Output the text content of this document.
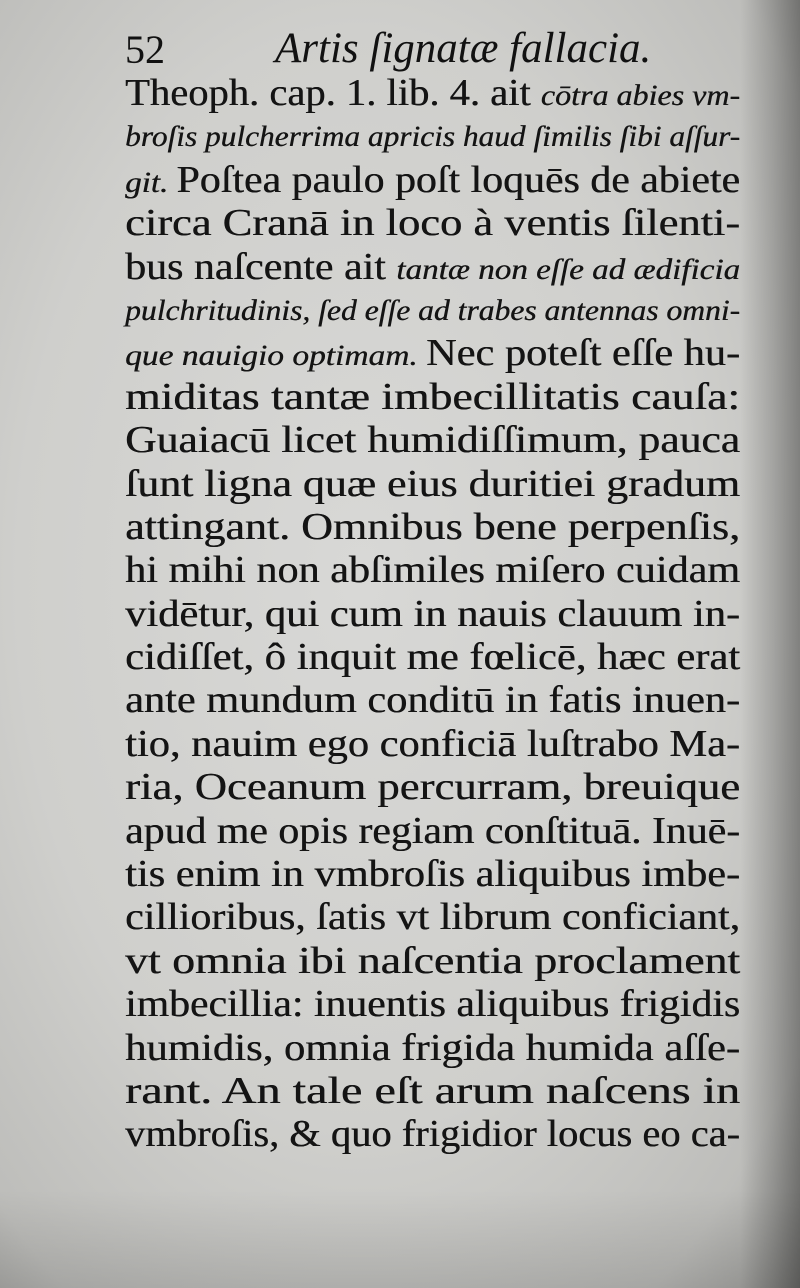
52	Artis ſignatæ fallacia.
Theoph. cap. 1. lib. 4. ait cōtra abies vm-
broſis pulcherrima apricis haud ſimilis ſibi aſſur-
git. Poſtea paulo poſt loquēs de abiete
circa Cranā in loco à ventis ſilenti-
bus naſcente ait tantæ non eſſe ad ædificia
pulchritudinis, ſed eſſe ad trabes antennas omni-
que nauigio optimam. Nec poteſt eſſe hu-
miditas tantæ imbecillitatis cauſa:
Guaiacū licet humidiſſimum, pauca
ſunt ligna quæ eius duritiei gradum
attingant. Omnibus bene perpenſis,
hi mihi non abſimiles miſero cuidam
vidētur, qui cum in nauis clauum in-
cidiſſet, ô inquit me fœlicē, hæc erat
ante mundum conditū in fatis inuen-
tio, nauim ego conficiā luſtrabo Ma-
ria, Oceanum percurram, breuique
apud me opis regiam conſtituā. Inuē-
tis enim in vmbroſis aliquibus imbe-
cillioribus, ſatis vt librum conficiant,
vt omnia ibi naſcentia proclament
imbecillia: inuentis aliquibus frigidis
humidis, omnia frigida humida aſſe-
rant. An tale eſt arum naſcens in
vmbroſis, & quo frigidior locus eo ca-
